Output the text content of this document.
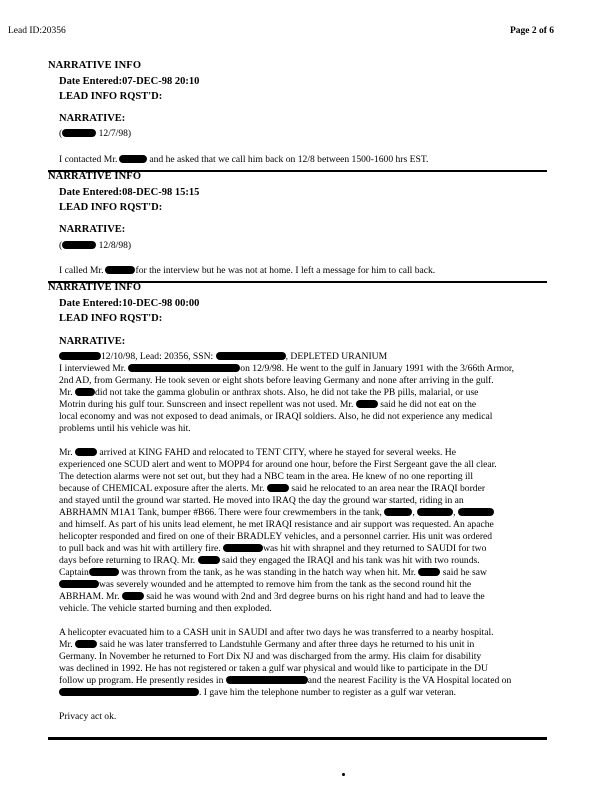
Lead ID:20356	Page 2 of 6
NARRATIVE INFO
Date Entered:07-DEC-98 20:10
LEAD INFO RQST'D:
NARRATIVE:
(	12/7/98)
I contacted Mr.	and he asked that we call him back on 12/8 between 1500-1600 hrs EST.
NARRATIVE INFO
Date Entered:08-DEC-98 15:15
LEAD INFO RQST'D:
NARRATIVE:
(	12/8/98)
I called Mr.	for the interview but he was not at home. I left a message for him to call back.
NARRATIVE INFO
Date Entered:10-DEC-98 00:00
LEAD INFO RQST'D:
NARRATIVE:
12/10/98, Lead: 20356, SSN:	, DEPLETED URANIUM
I interviewed Mr.	on 12/9/98. He went to the gulf in January 1991 with the 3/66th Armor,
2nd AD, from Germany. He took seven or eight shots before leaving Germany and none after arriving in the gulf.
Mr. did not take the gamma globulin or anthrax shots. Also, he did not take the PB pills, malarial, or use
Motrin during his gulf tour. Sunscreen and insect repellent was not used. Mr.	said he did not eat on the
local economy and was not exposed to dead animals, or IRAQI soldiers. Also, he did not experience any medical
problems until his vehicle was hit.
Mr.	arrived at KING FAHD and relocated to TENT CITY, where he stayed for several weeks. He
experienced one SCUD alert and went to MOPP4 for around one hour, before the First Sergeant gave the all clear.
The detection alarms were not set out, but they had a NBC team in the area. He knew of no one reporting ill
because of CHEMICAL exposure after the alerts. Mr.	said he relocated to an area near the IRAQI border
and stayed until the ground war started. He moved into IRAQ the day the ground war started, riding in an
ABRHAMN M1A1 Tank, bumper #B66. There were four crewmembers in the tank,	,	,
and himself. As part of his units lead element, he met IRAQI resistance and air support was requested. An apache
helicopter responded and fired on one of their BRADLEY vehicles, and a personnel carrier. His unit was ordered
to pull back and was hit with artillery fire.	was hit with shrapnel and they returned to SAUDI for two
days before returning to IRAQ. Mr.	said they engaged the IRAQI and his tank was hit with two rounds.
Captain	was thrown from the tank, as he was standing in the hatch way when hit. Mr.	said he saw
was severely wounded and he attempted to remove him from the tank as the second round hit the
ABRHAM. Mr.	said he was wound with 2nd and 3rd degree burns on his right hand and had to leave the
vehicle. The vehicle started burning and then exploded.
A helicopter evacuated him to a CASH unit in SAUDI and after two days he was transferred to a nearby hospital.
Mr.	said he was later transferred to Landstuhle Germany and after three days he returned to his unit in
Germany. In November he returned to Fort Dix NJ and was discharged from the army. His claim for disability
was declined in 1992. He has not registered or taken a gulf war physical and would like to participate in the DU
follow up program. He presently resides in	and the nearest Facility is the VA Hospital located on
. I gave him the telephone number to register as a gulf war veteran.
Privacy act ok.
